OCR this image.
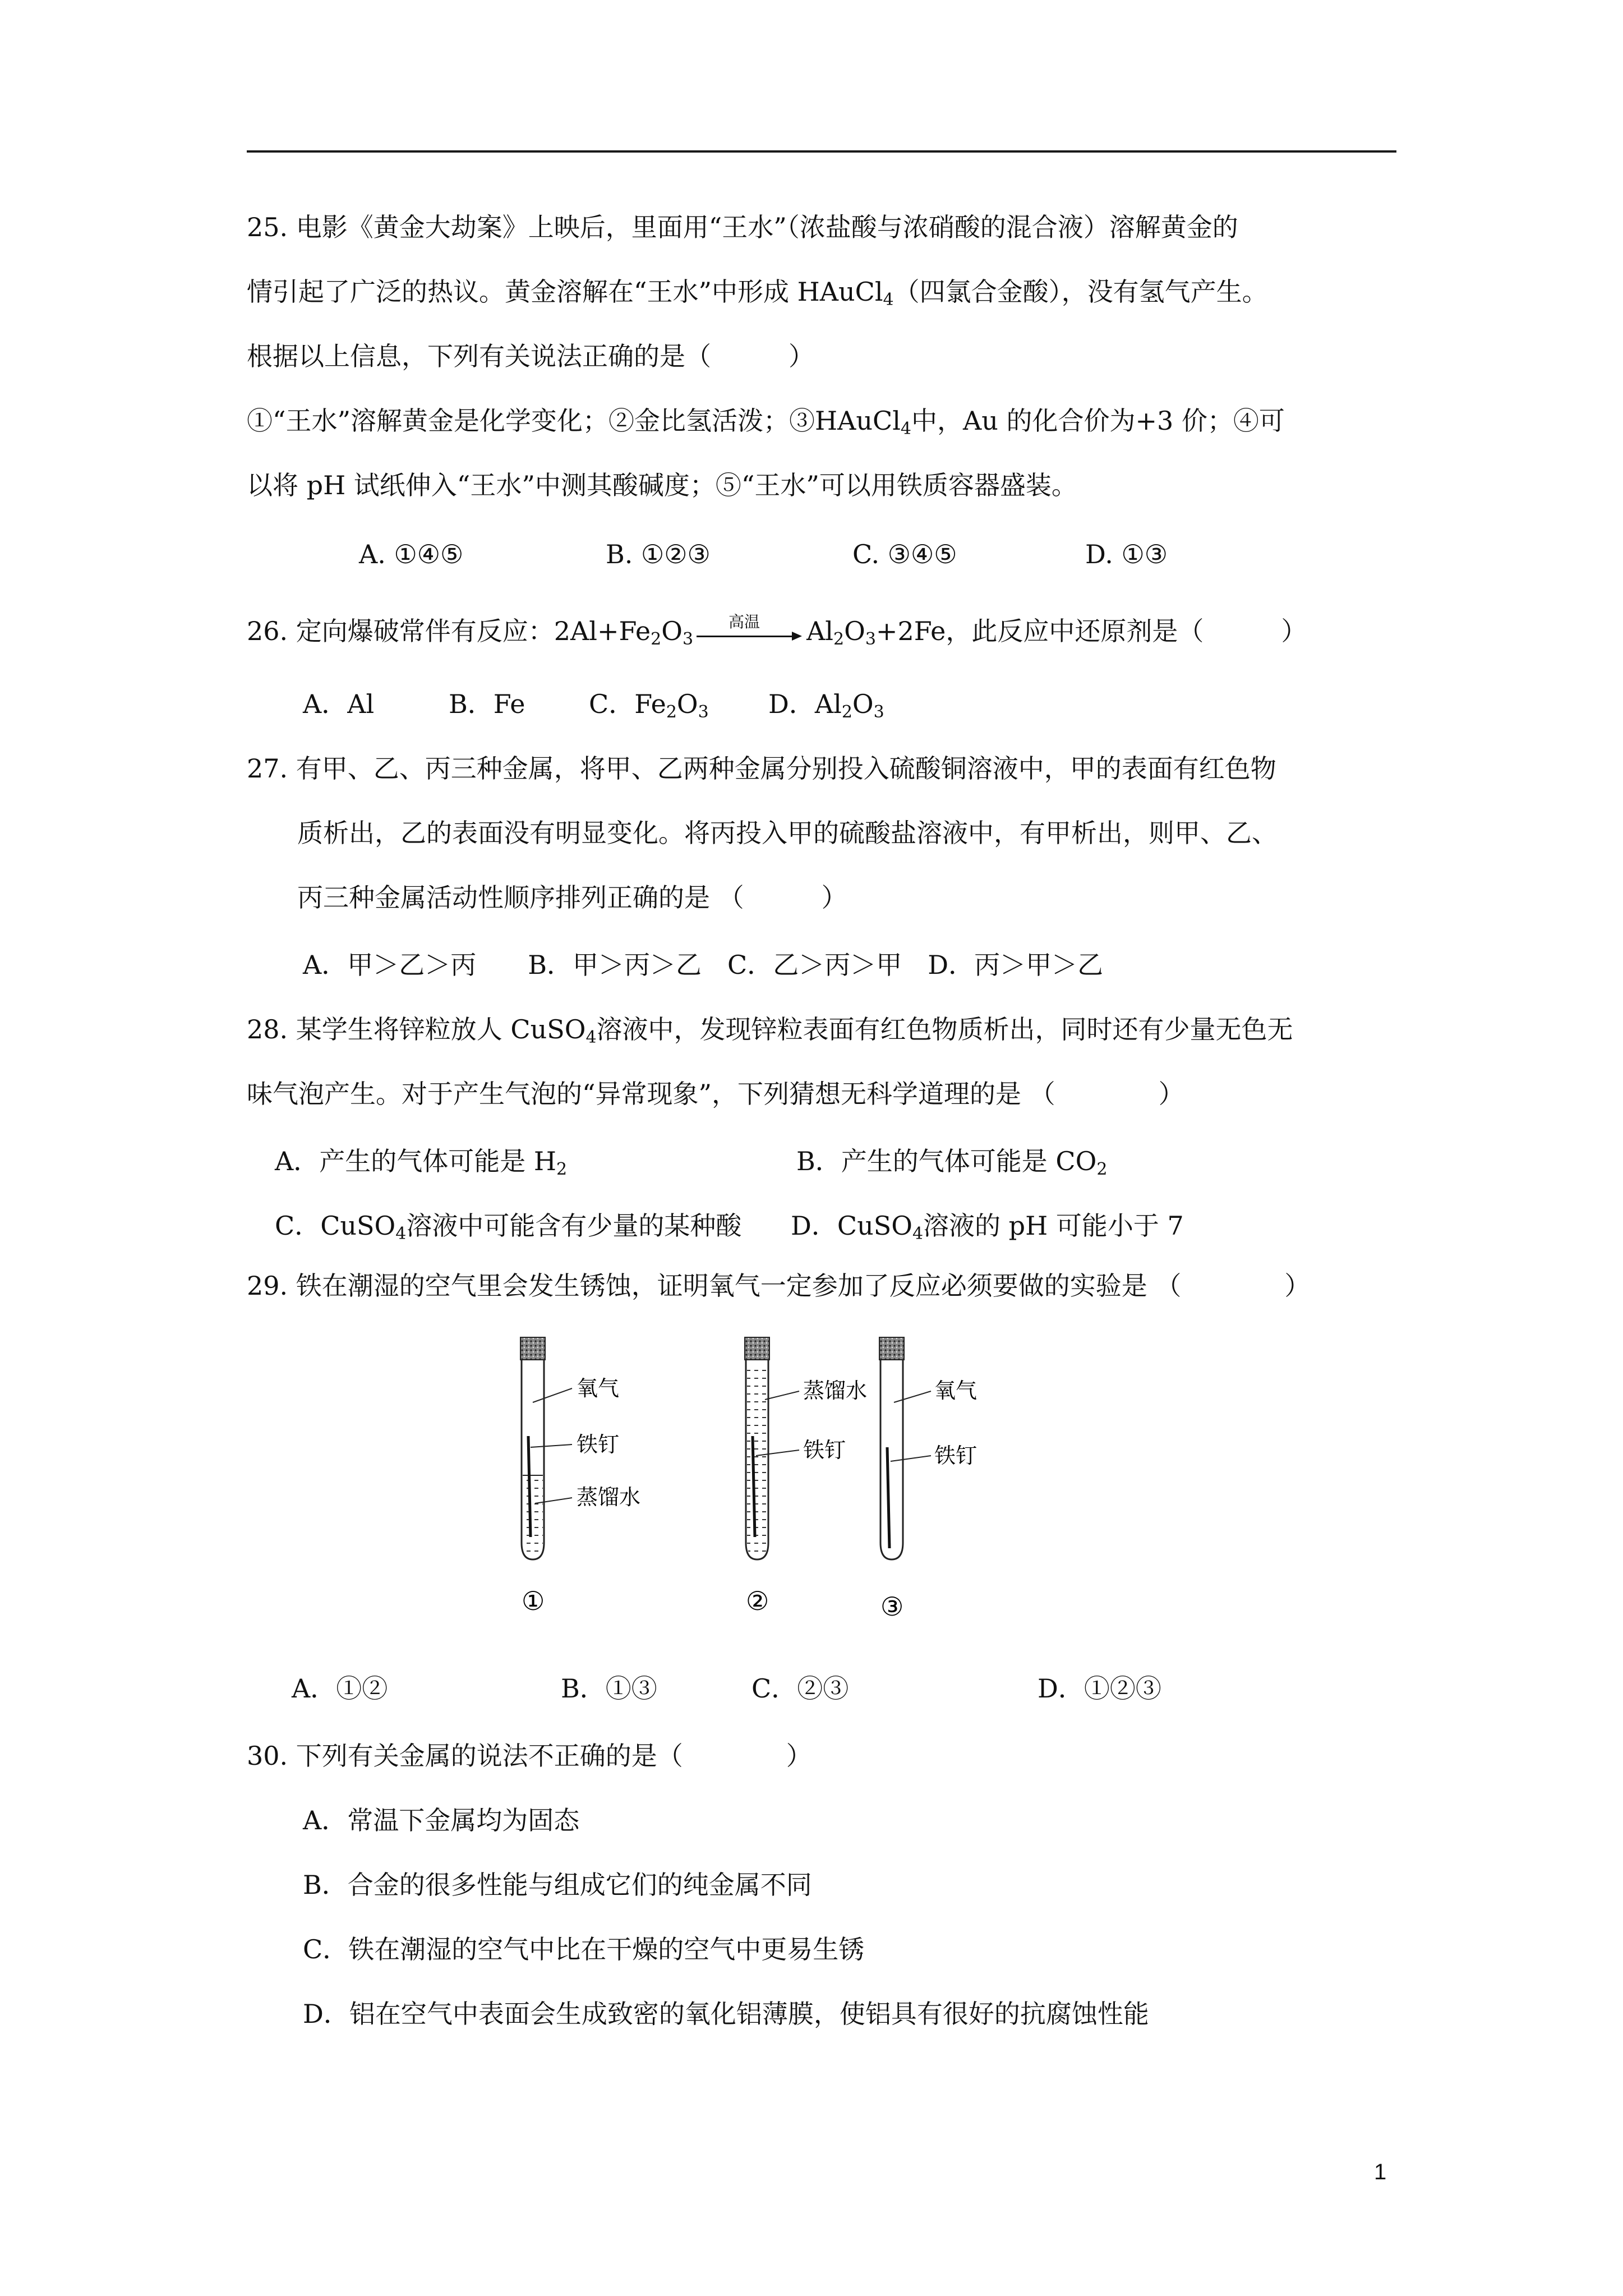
25. 电影《黄金大劫案》上映后，里面用“王水”（浓盐酸与浓硝酸的混合液）溶解黄金的
情引起了广泛的热议。黄金溶解在“王水”中形成 HAuCl$_4$（四氯合金酸），没有氢气产生。
根据以上信息，下列有关说法正确的是（　　　）
①“王水”溶解黄金是化学变化；②金比氢活泼；③HAuCl$_4$中，Au 的化合价为+3 价；④可
以将 pH 试纸伸入“王水”中测其酸碱度；⑤“王水”可以用铁质容器盛装。
A. ①④⑤	B. ①②③	C. ③④⑤	D. ①③
26. 定向爆破常伴有反应：$2Al+Fe_2O_3$
高温	$Al_2O_3+2Fe$，此反应中还原剂是（　　　）
A．Al	B．Fe C．$Fe_2O_3$ D．$Al_2O_3$
27. 有甲、乙、丙三种金属，将甲、乙两种金属分别投入硫酸铜溶液中，甲的表面有红色物
质析出，乙的表面没有明显变化。将丙投入甲的硫酸盐溶液中，有甲析出，则甲、乙、
丙三种金属活动性顺序排列正确的是 （　　　）
A．甲＞乙＞丙　　B．甲＞丙＞乙　C．乙＞丙＞甲　D．丙＞甲＞乙
28. 某学生将锌粒放人 CuSO$_4$溶液中，发现锌粒表面有红色物质析出，同时还有少量无色无
味气泡产生。对于产生气泡的“异常现象”，下列猜想无科学道理的是 （　　　　）
A．产生的气体可能是 $H_2$	B．产生的气体可能是 $CO_2$
C．CuSO$_4$溶液中可能含有少量的某种酸 D．CuSO$_4$溶液的 pH 可能小于 7
29. 铁在潮湿的空气里会发生锈蚀，证明氧气一定参加了反应必须要做的实验是 （　　　　）
氧气
铁钉
蒸馏水
①
蒸馏水
铁钉
②
氧气
铁钉
③
A．①②	B．①③	C．②③	D．①②③
30. 下列有关金属的说法不正确的是（　　　　）
A．常温下金属均为固态
B．合金的很多性能与组成它们的纯金属不同
C．铁在潮湿的空气中比在干燥的空气中更易生锈
D．铝在空气中表面会生成致密的氧化铝薄膜，使铝具有很好的抗腐蚀性能
1
